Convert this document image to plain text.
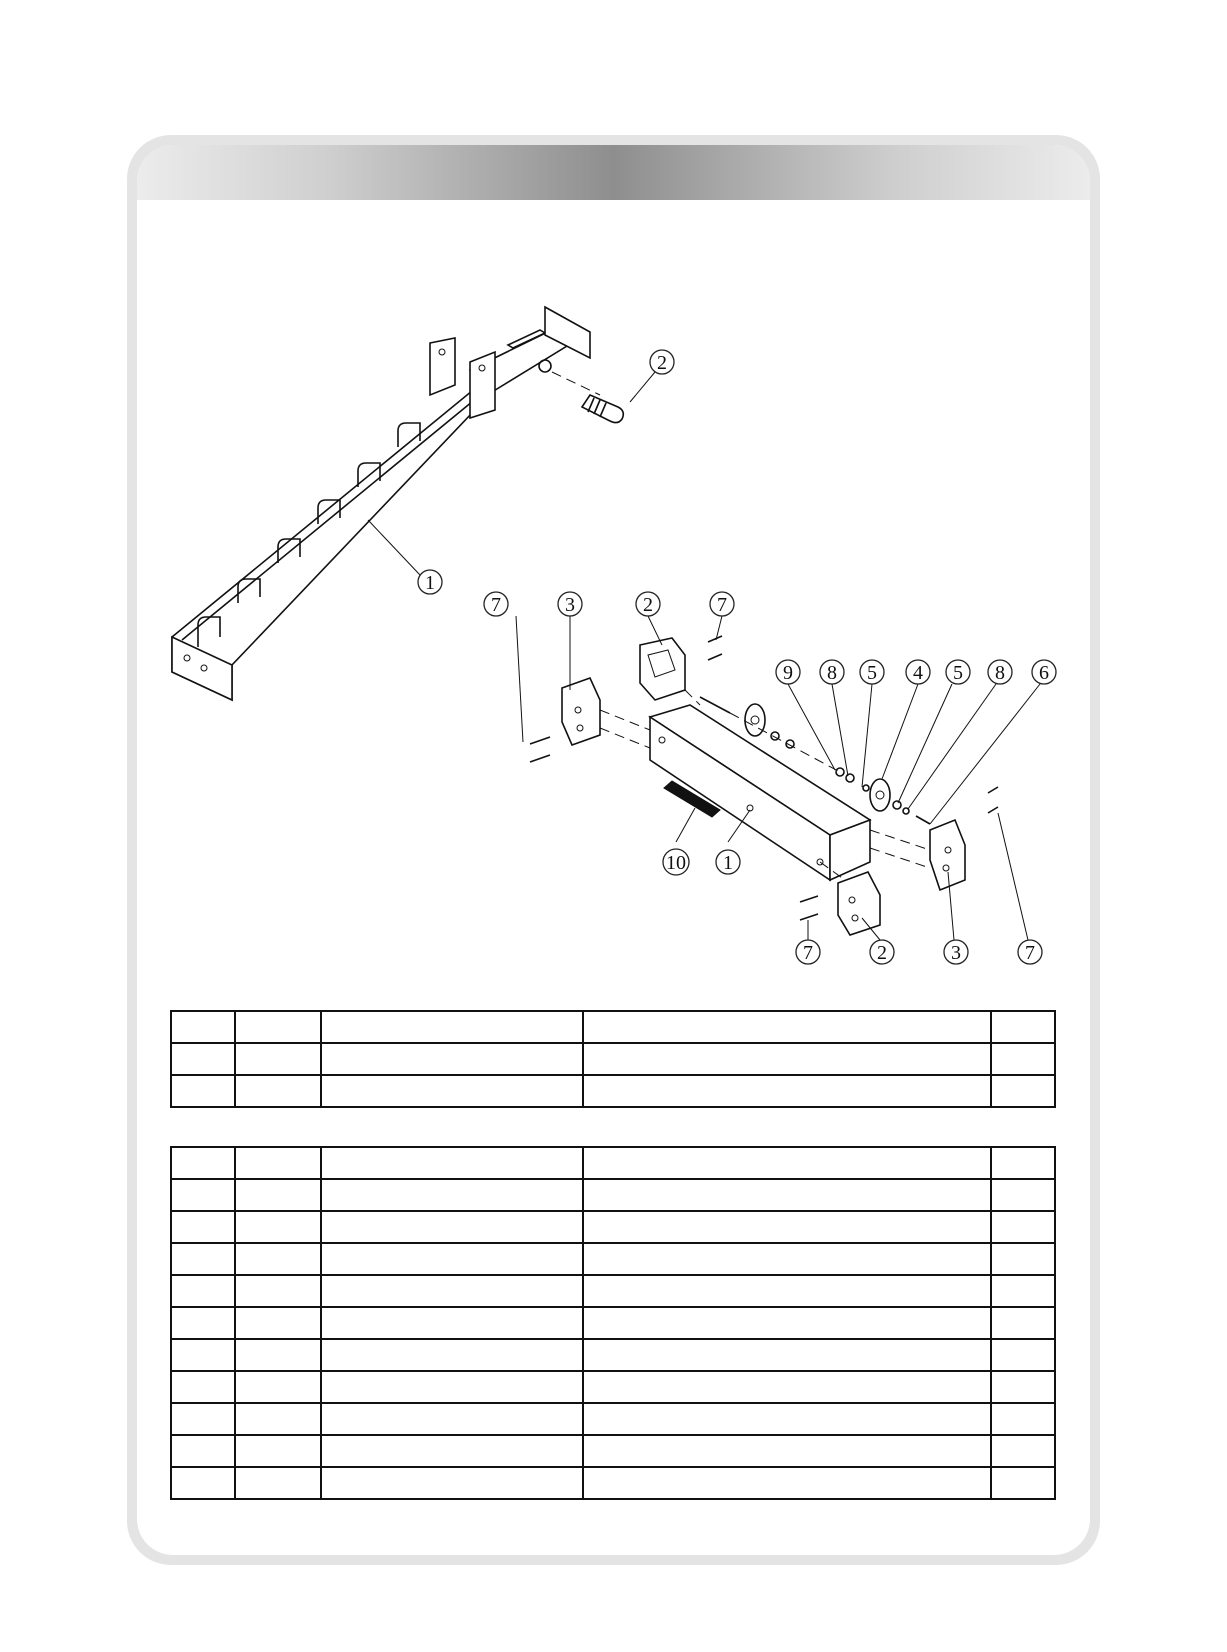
1
2
7	3	2	7
9 8 5 4 5 8 6
10 1
7	2	3	7
